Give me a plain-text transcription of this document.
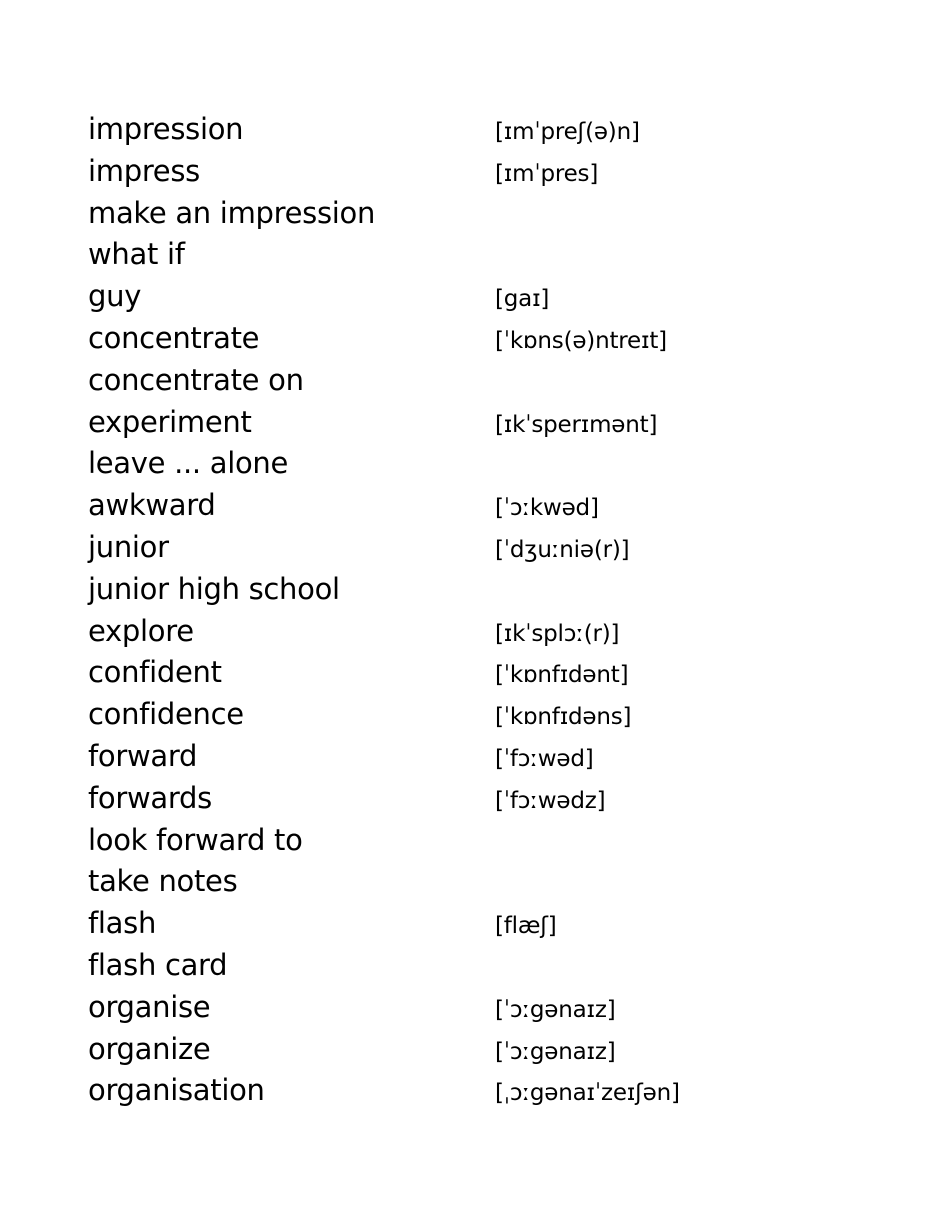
impression	[ɪmˈpreʃ(ə)n]
impress	[ɪmˈpres]
make an impression
what if
guy	[gaɪ]
concentrate	[ˈkɒns(ə)ntreɪt]
concentrate on
experiment	[ɪkˈsperɪmənt]
leave ... alone
awkward	[ˈɔːkwəd]
junior	[ˈdʒuːniə(r)]
junior high school
explore	[ɪkˈsplɔː(r)]
confident	[ˈkɒnfɪdənt]
confidence	[ˈkɒnfɪdəns]
forward	[ˈfɔːwəd]
forwards	[ˈfɔːwədz]
look forward to
take notes
flash	[flæʃ]
flash card
organise	[ˈɔːgənaɪz]
organize	[ˈɔːgənaɪz]
organisation	[ˌɔːgənaɪˈzeɪʃən]
